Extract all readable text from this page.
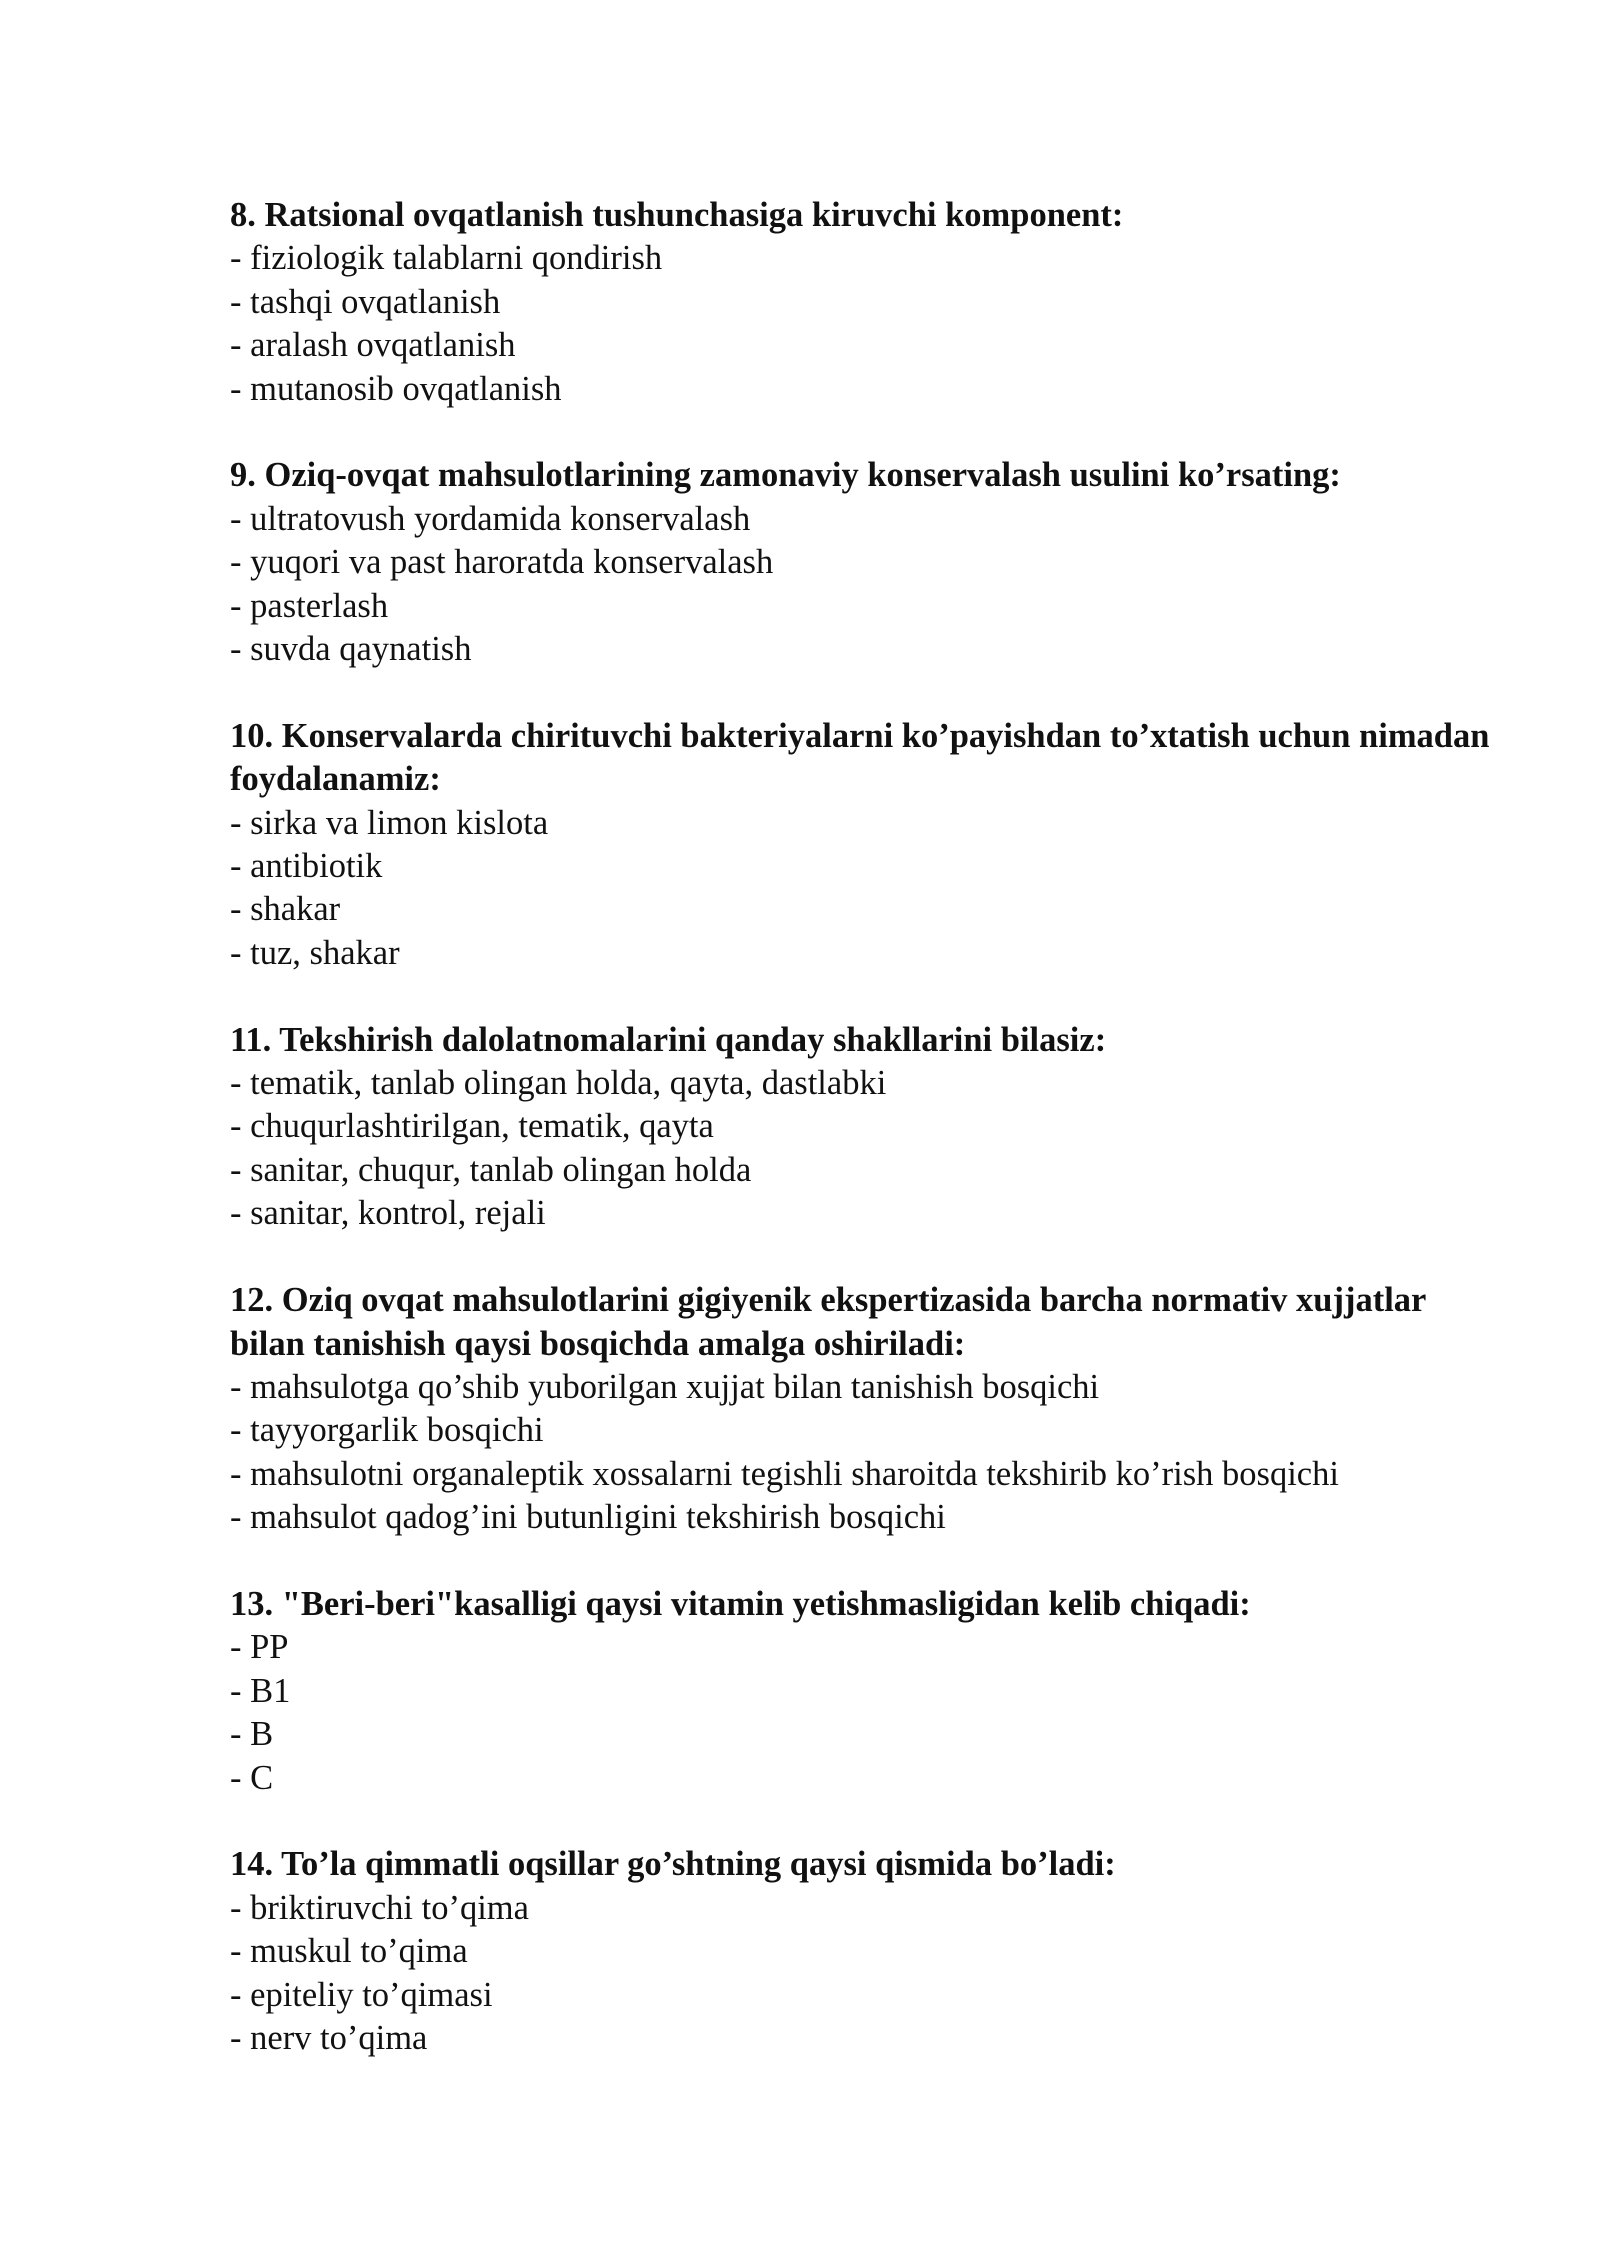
8. Ratsional ovqatlanish tushunchasiga kiruvchi komponent:

- fiziologik talablarni qondirish
- tashqi ovqatlanish
- aralash ovqatlanish
- mutanosib ovqatlanish

9. Oziq-ovqat mahsulotlarining zamonaviy konservalash usulini ko’rsating:

- ultratovush yordamida konservalash
- yuqori va past haroratda konservalash
- pasterlash
- suvda qaynatish

10. Konservalarda chirituvchi bakteriyalarni ko’payishdan to’xtatish uchun nimadan foydalanamiz:

- sirka va limon kislota
- antibiotik
- shakar
- tuz, shakar

11. Tekshirish dalolatnomalarini qanday shakllarini bilasiz:

- tematik, tanlab olingan holda, qayta, dastlabki
- chuqurlashtirilgan, tematik, qayta
- sanitar, chuqur, tanlab olingan holda
- sanitar, kontrol, rejali

12. Oziq ovqat mahsulotlarini gigiyenik ekspertizasida barcha normativ xujjatlar bilan tanishish qaysi bosqichda amalga oshiriladi:

- mahsulotga qo’shib yuborilgan xujjat bilan tanishish bosqichi
- tayyorgarlik bosqichi
- mahsulotni organaleptik xossalarni tegishli sharoitda tekshirib ko’rish bosqichi
- mahsulot qadog’ini butunligini tekshirish bosqichi

13. "Beri-beri"kasalligi qaysi vitamin yetishmasligidan kelib chiqadi:

- PP
- B1
- B
- C

14. To’la qimmatli oqsillar go’shtning qaysi qismida bo’ladi:

- briktiruvchi to’qima
- muskul to’qima
- epiteliy to’qimasi
- nerv to’qima
